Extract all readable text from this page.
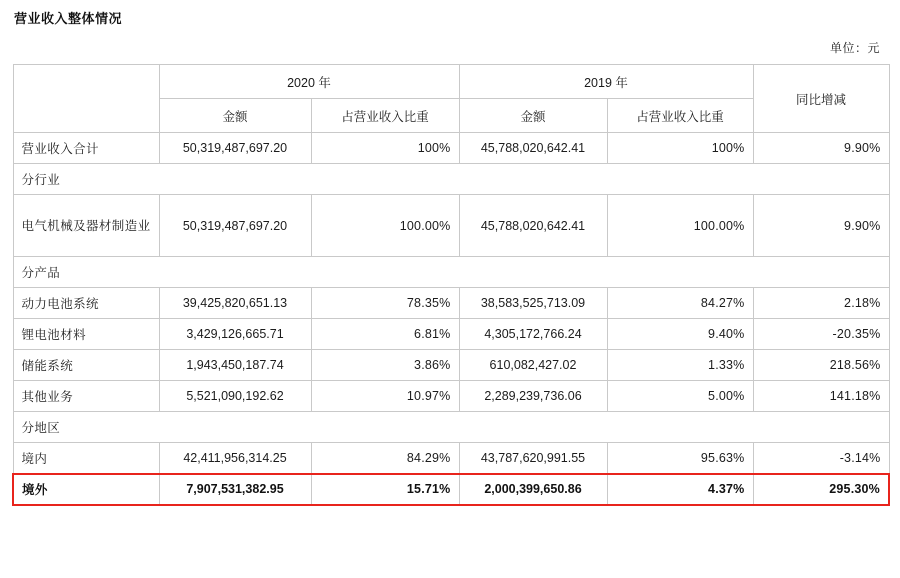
营业收入整体情况
单位：元
	2020 年		2019 年		同比增减
	金额	占营业收入比重	金额	占营业收入比重	
营业收入合计	50,319,487,697.20	100%	45,788,020,642.41	100%	9.90%
分行业					
电气机械及器材制造业	50,319,487,697.20	100.00%	45,788,020,642.41	100.00%	9.90%
分产品					
动力电池系统	39,425,820,651.13	78.35%	38,583,525,713.09	84.27%	2.18%
锂电池材料	3,429,126,665.71	6.81%	4,305,172,766.24	9.40%	-20.35%
储能系统	1,943,450,187.74	3.86%	610,082,427.02	1.33%	218.56%
其他业务	5,521,090,192.62	10.97%	2,289,239,736.06	5.00%	141.18%
分地区					
境内	42,411,956,314.25	84.29%	43,787,620,991.55	95.63%	-3.14%
境外	7,907,531,382.95	15.71%	2,000,399,650.86	4.37%	295.30%
